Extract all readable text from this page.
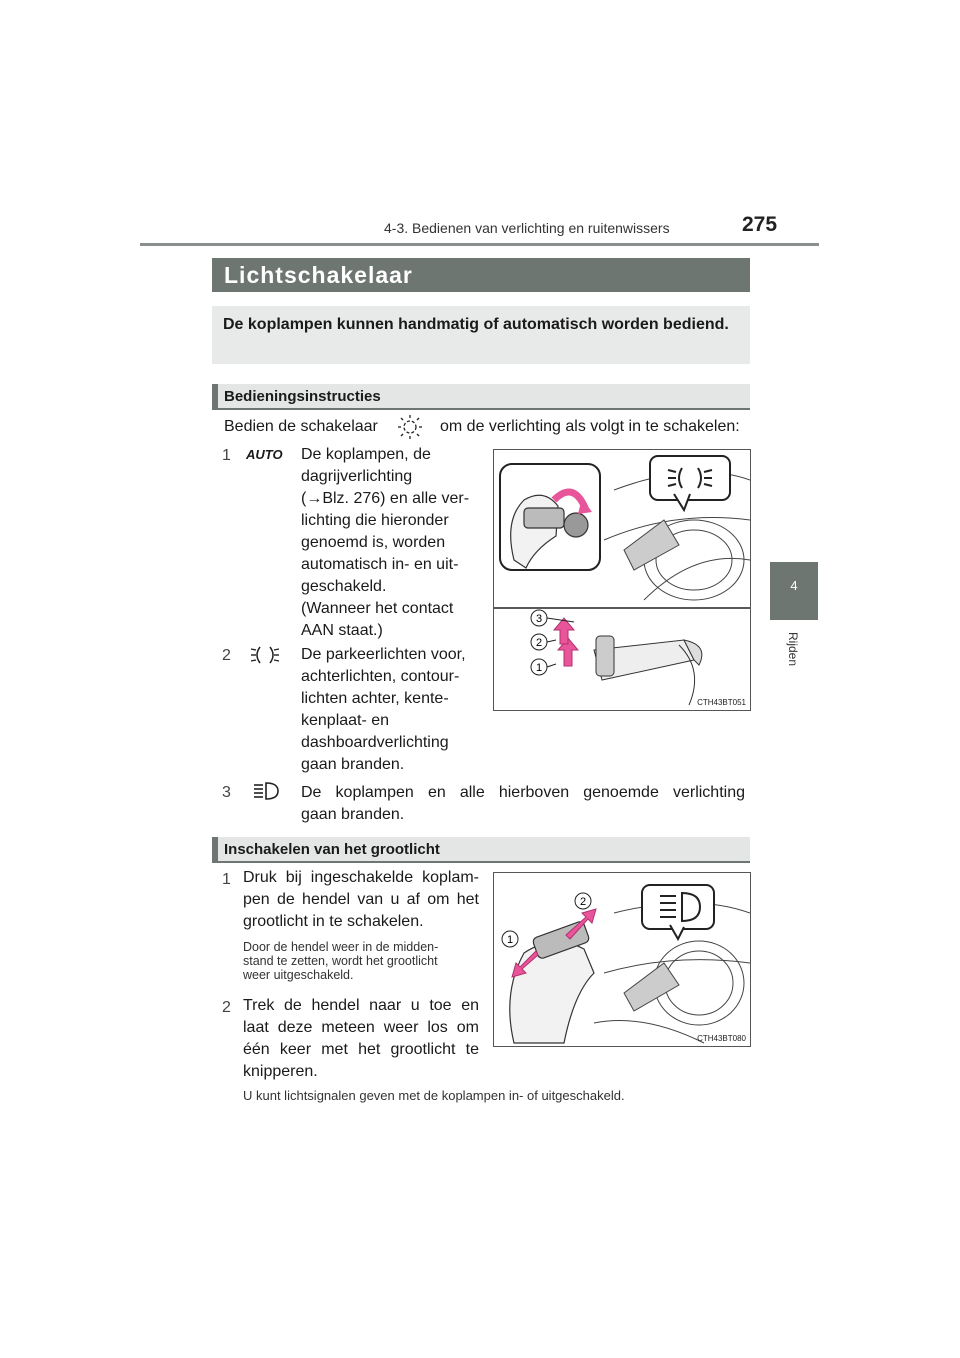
4-3. Bedienen van verlichting en ruitenwissers	275
4
Rijden
Lichtschakelaar
De koplampen kunnen handmatig of automatisch worden bediend.
Bedieningsinstructies
Bedien de schakelaar	om de verlichting als volgt in te schakelen:
1 AUTO De koplampen, de
dagrijverlichting
(→Blz. 276) en alle ver-
lichting die hieronder
genoemd is, worden
automatisch in- en uit-
geschakeld.
(Wanneer het contact
AAN staat.)
2	De parkeerlichten voor,
achterlichten, contour-
lichten achter, kente-
kenplaat- en
dashboardverlichting
gaan branden.
3
2
1
CTH43BT051
3	De koplampen en alle hierboven genoemde verlichting
gaan branden.
Inschakelen van het grootlicht
1 Druk bij ingeschakelde koplam-
pen de hendel van u af om het
grootlicht in te schakelen.
Door de hendel weer in de midden-
stand te zetten, wordt het grootlicht
weer uitgeschakeld.
2 Trek de hendel naar u toe en
laat deze meteen weer los om
één keer met het grootlicht te
knipperen.
2
1
CTH43BT080
U kunt lichtsignalen geven met de koplampen in- of uitgeschakeld.
